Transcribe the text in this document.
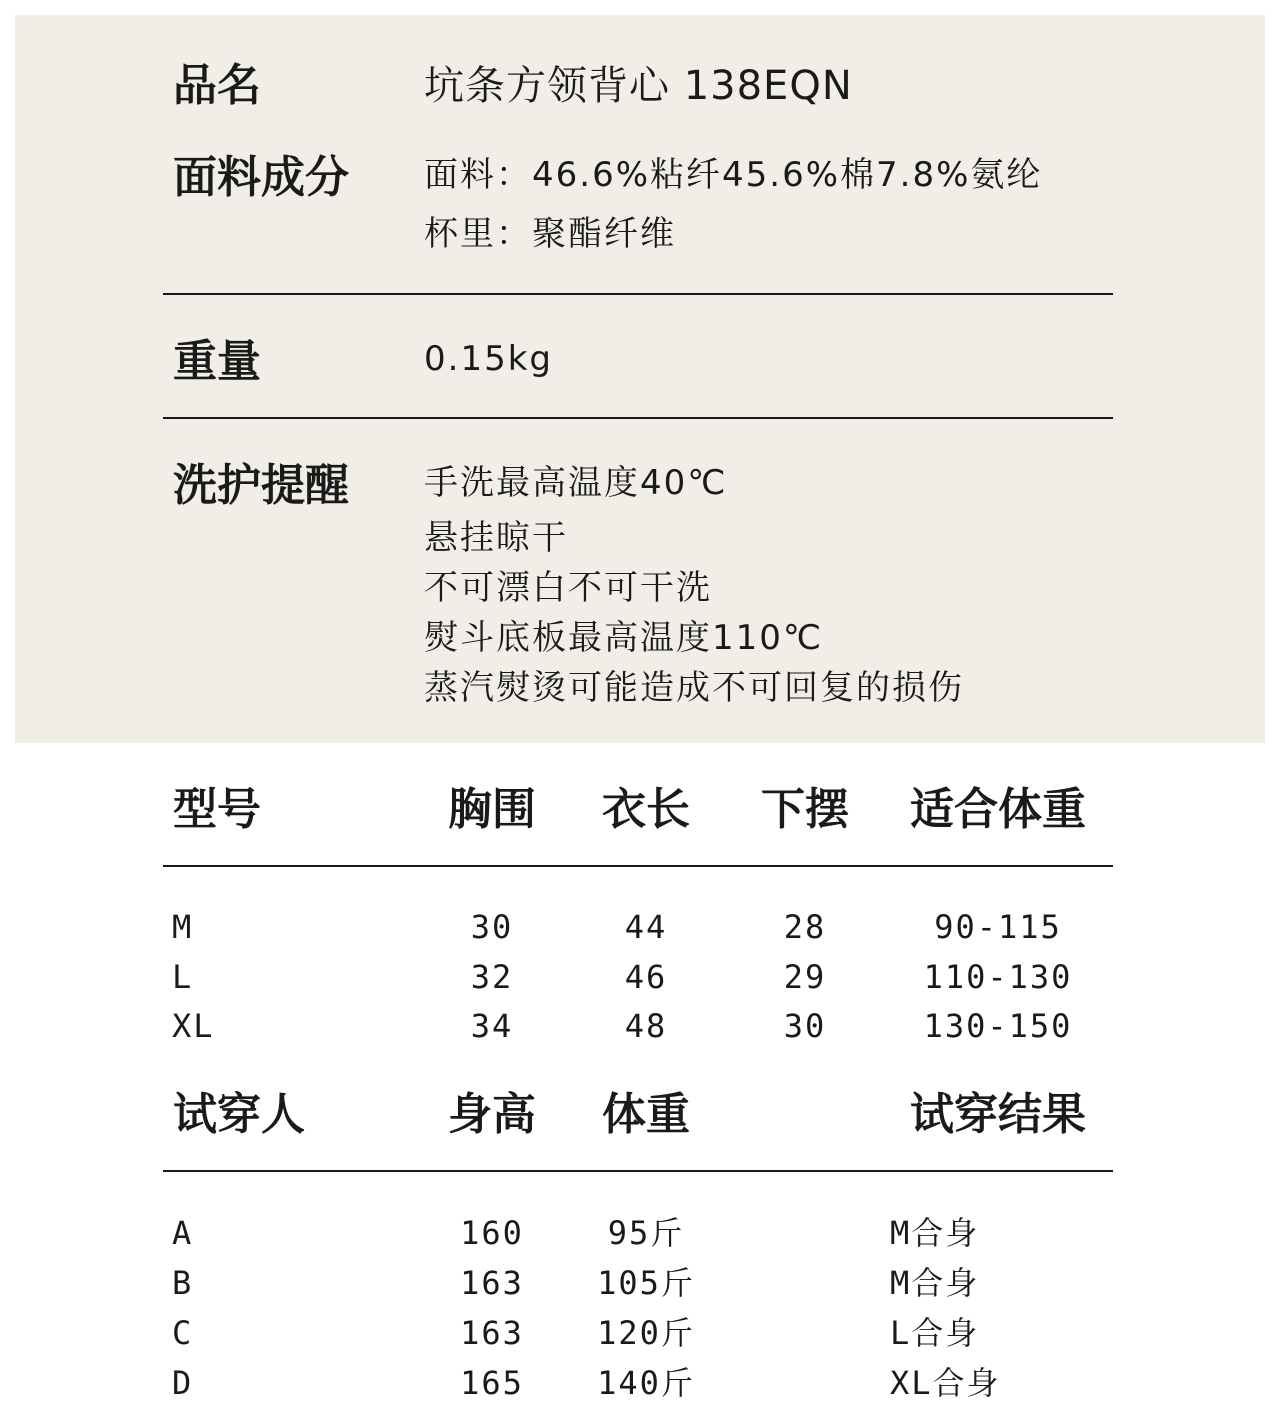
品名	坑条方领背心 138EQN
面料成分 面料：46.6%粘纤45.6%棉7.8%氨纶
杯里：聚酯纤维
重量	0.15kg
洗护提醒 手洗最高温度40℃
悬挂晾干
不可漂白不可干洗
熨斗底板最高温度110℃
蒸汽熨烫可能造成不可回复的损伤
型号	胸围 衣长 下摆 适合体重
M	30	44	28	90-115
L	32	46	29	110-130
XL	34	48	30	130-150
试穿人	身高 体重	试穿结果
A	160	95斤	M合身
B	163 105斤	M合身
C	163 120斤	L合身
D	165 140斤	XL合身
